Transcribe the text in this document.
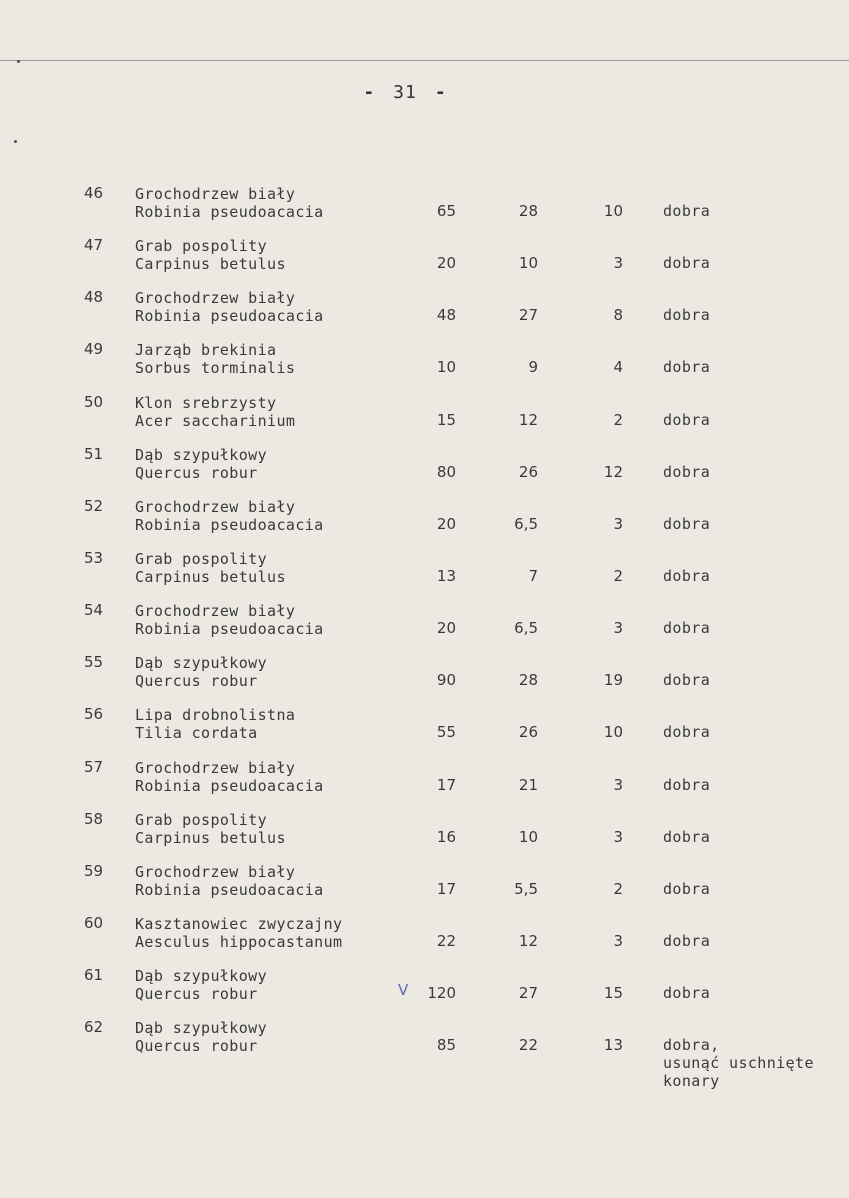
- 31 -
46 Grochodrzew biały
Robinia pseudoacacia	65	28	10	dobra
47 Grab pospolity
Carpinus betulus	20	10	3	dobra
48 Grochodrzew biały
Robinia pseudoacacia	48	27	8	dobra
49 Jarząb brekinia
Sorbus torminalis	10	9	4	dobra
50 Klon srebrzysty
Acer saccharinium	15	12	2	dobra
51 Dąb szypułkowy
Quercus robur	80	26	12	dobra
52 Grochodrzew biały
Robinia pseudoacacia	20	6,5	3	dobra
53 Grab pospolity
Carpinus betulus	13	7	2	dobra
54 Grochodrzew biały
Robinia pseudoacacia	20	6,5	3	dobra
55 Dąb szypułkowy
Quercus robur	90	28	19	dobra
56 Lipa drobnolistna
Tilia cordata	55	26	10	dobra
57 Grochodrzew biały
Robinia pseudoacacia	17	21	3	dobra
58 Grab pospolity
Carpinus betulus	16	10	3	dobra
59 Grochodrzew biały
Robinia pseudoacacia	17	5,5	2	dobra
60 Kasztanowiec zwyczajny
Aesculus hippocastanum	22	12	3	dobra
61 Dąb szypułkowy
Quercus robur	V	120	27	15	dobra
62 Dąb szypułkowy
Quercus robur	85	22	13	dobra,
usunąć uschnięte
konary
